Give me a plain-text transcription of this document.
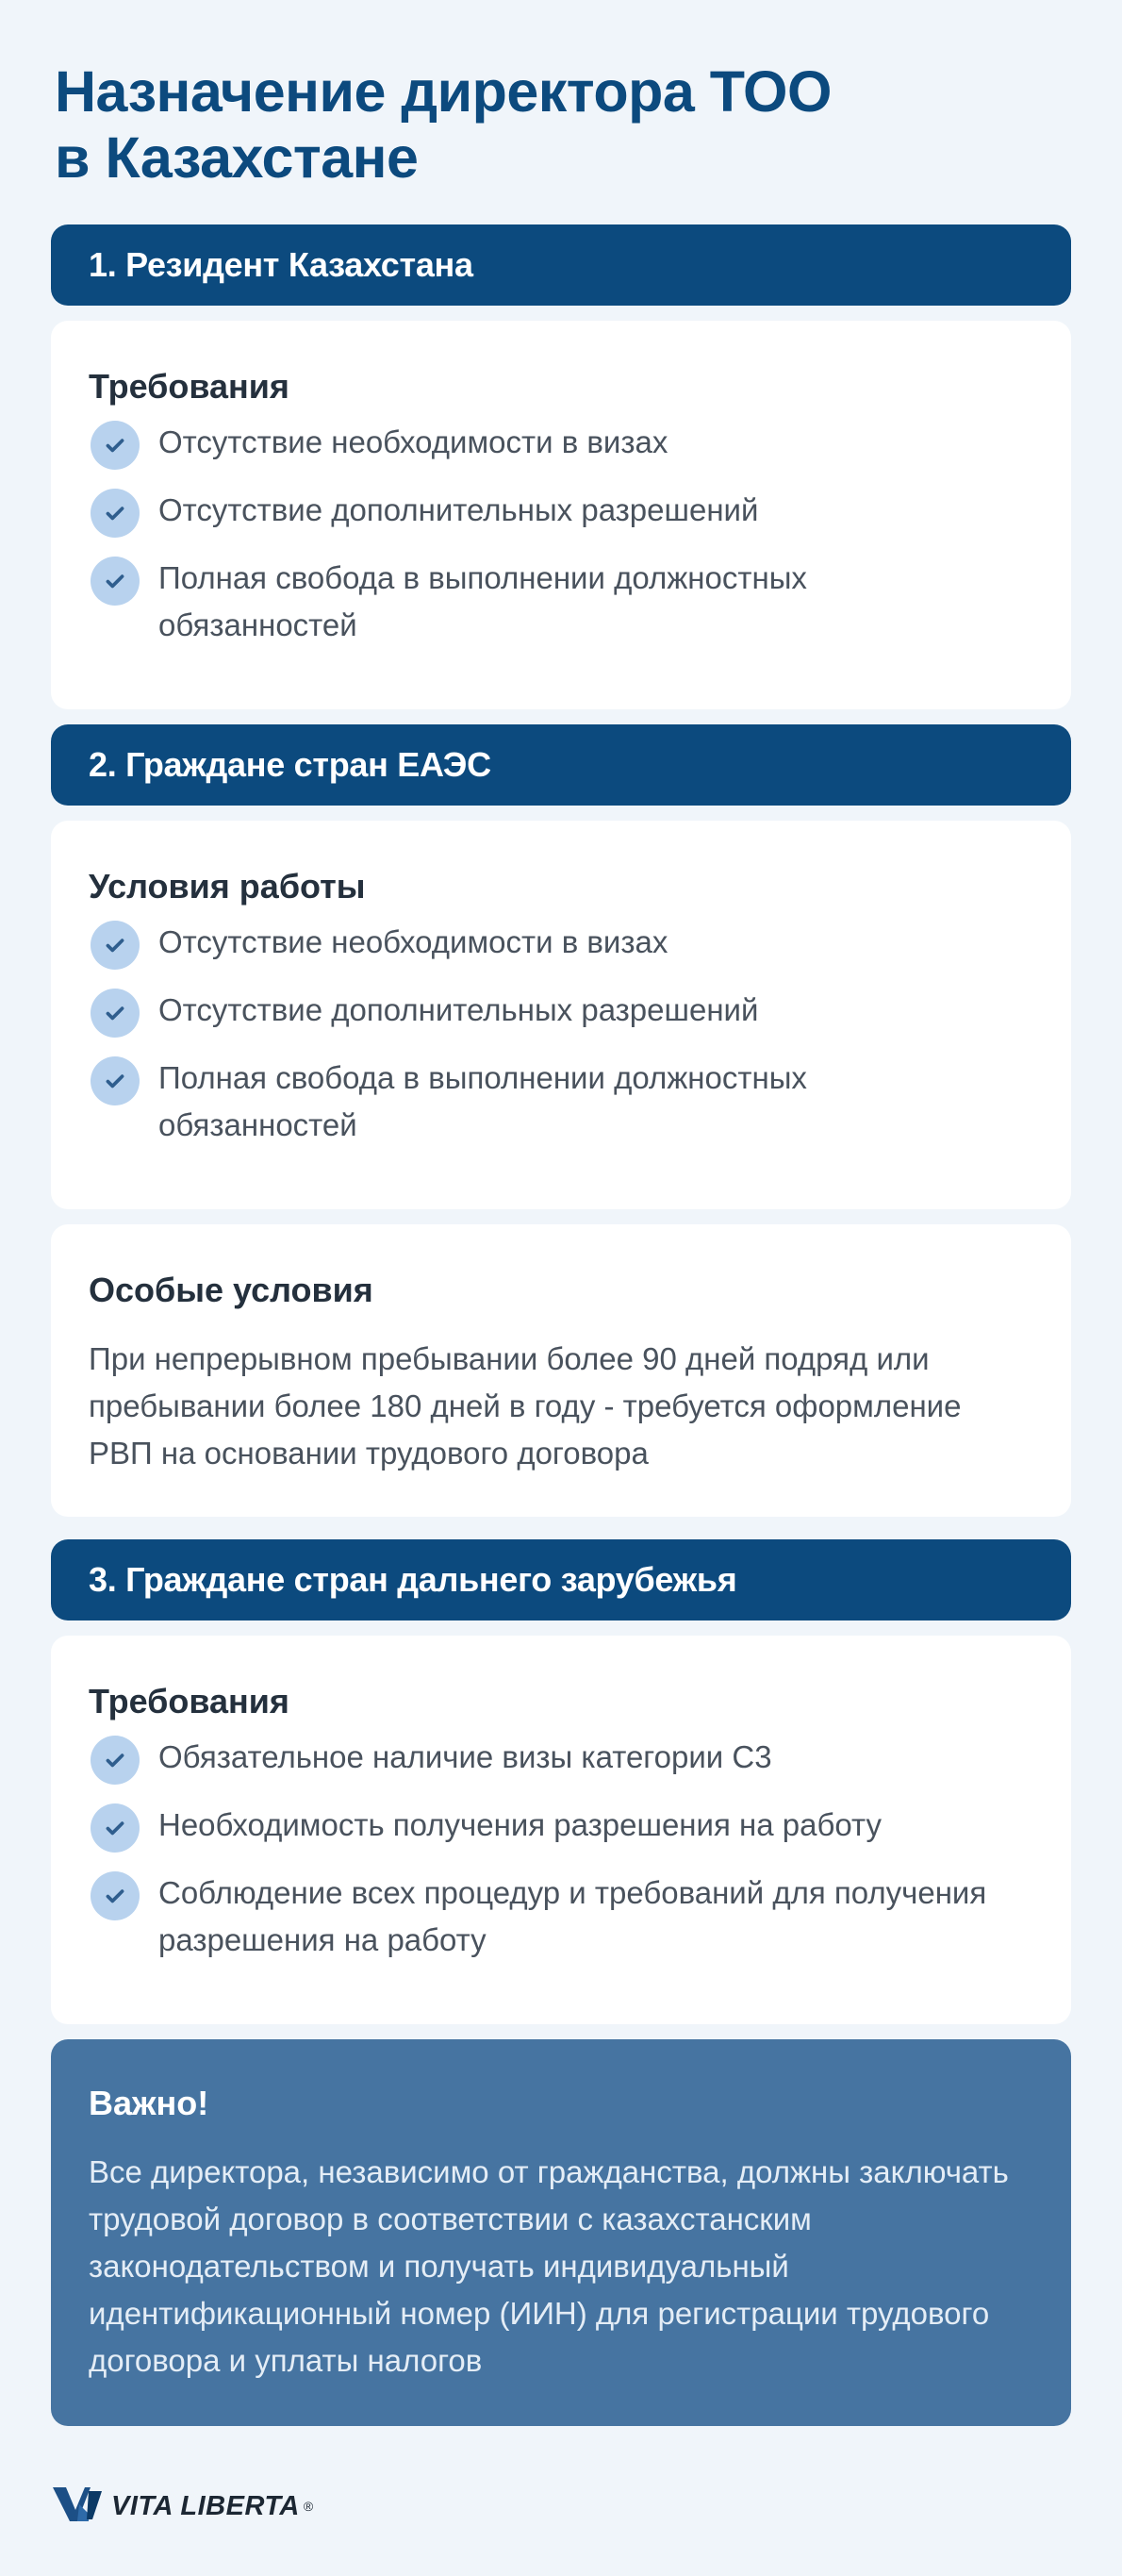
Назначение директора ТОО
в Казахстане
1. Резидент Казахстана
Требования
Отсутствие необходимости в визах
Отсутствие дополнительных разрешений
Полная свобода в выполнении должностных обязанностей
2. Граждане стран ЕАЭС
Условия работы
Отсутствие необходимости в визах
Отсутствие дополнительных разрешений
Полная свобода в выполнении должностных обязанностей
Особые условия
При непрерывном пребывании более 90 дней подряд или пребывании более 180 дней в году - требуется оформление РВП на основании трудового договора
3. Граждане стран дальнего зарубежья
Требования
Обязательное наличие визы категории C3
Необходимость получения разрешения на работу
Соблюдение всех процедур и требований для получения разрешения на работу
Важно!
Все директора, независимо от гражданства, должны заключать трудовой договор в соответствии с казахстанским законодательством и получать индивидуальный идентификационный номер (ИИН) для регистрации трудового договора и уплаты налогов
VITA LIBERTA ®
